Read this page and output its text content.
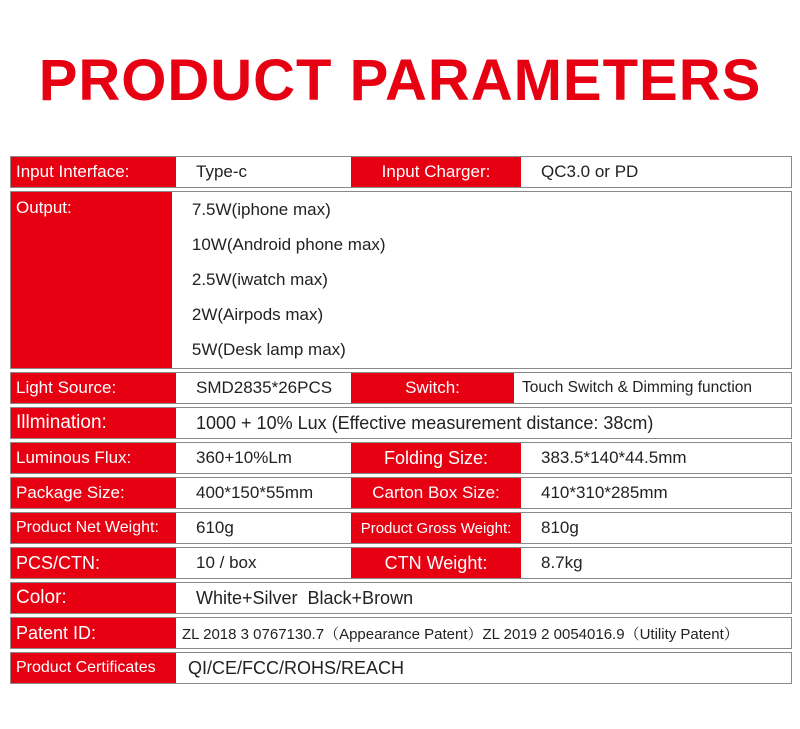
PRODUCT PARAMETERS
Input Interface:	Type-c	Input Charger:	QC3.0 or PD
Output:	7.5W(iphone max)
10W(Android phone max)
2.5W(iwatch max)
2W(Airpods max)
5W(Desk lamp max)
Light Source:	SMD2835*26PCS	Switch:	Touch Switch & Dimming function
Illmination:	1000 + 10% Lux (Effective measurement distance: 38cm)
Luminous Flux:	360+10%Lm	Folding Size:	383.5*140*44.5mm
Package Size:	400*150*55mm	Carton Box Size:	410*310*285mm
Product Net Weight:	610g	Product Gross Weight:	810g
PCS/CTN:	10 / box	CTN Weight:	8.7kg
Color:	White+Silver  Black+Brown
Patent ID:	ZL 2018 3 0767130.7（Appearance Patent）ZL 2019 2 0054016.9（Utility Patent）
Product Certificates	QI/CE/FCC/ROHS/REACH
